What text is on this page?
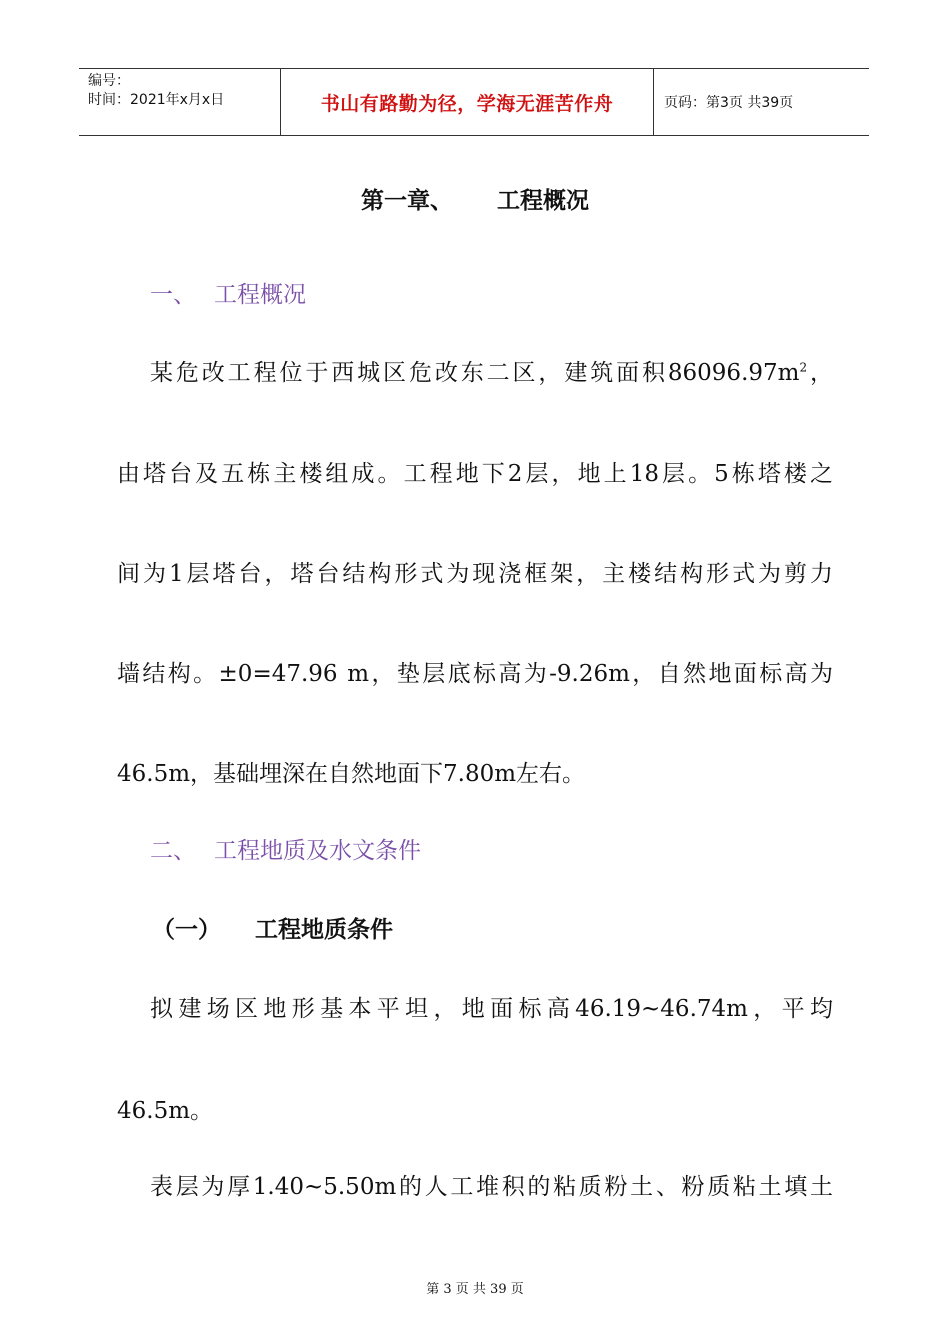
编号：
时间：2021年x月x日	书山有路勤为径，学海无涯苦作舟	页码：第3页 共39页
第一章、 工程概况
一、 工程概况
某危改工程位于西城区危改东二区，建筑面积$86096.97m^2$，
由塔台及五栋主楼组成。工程地下2层，地上18层。5栋塔楼之
间为1层塔台，塔台结构形式为现浇框架，主楼结构形式为剪力
墙结构。±0=47.96 m，垫层底标高为-9.26m，自然地面标高为
46.5m，基础埋深在自然地面下7.80m左右。
二、 工程地质及水文条件
（一） 工程地质条件
拟建场区地形基本平坦，地面标高46.19~46.74m，平均
46.5m。
表层为厚1.40~5.50m的人工堆积的粘质粉土、粉质粘土填土
第 3 页 共 39 页
